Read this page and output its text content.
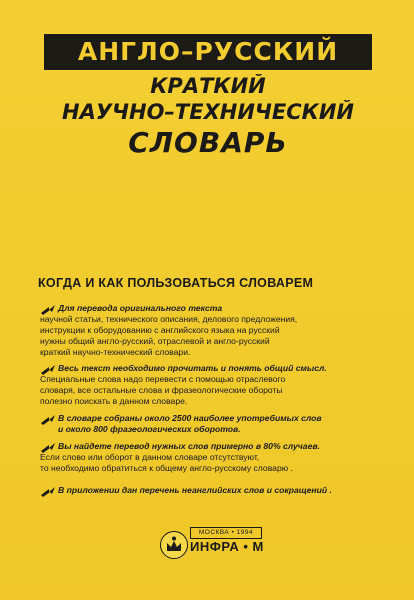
АНГЛО–РУССКИЙ
КРАТКИЙ
НАУЧНО–ТЕХНИЧЕСКИЙ
СЛОВАРЬ
КОГДА И КАК ПОЛЬЗОВАТЬСЯ СЛОВАРЕМ
Для перевода оригинального текста
научной статьи, технического описания, делового предложения,
инструкции к оборудованию с английского языка на русский
нужны общий англо-русский, отраслевой и англо-русский
краткий научно-технический словари.
Весь текст необходимо прочитать и понять общий смысл.
Специальные слова надо перевести с помощью отраслевого
словаря, все остальные слова и фразеологические обороты
полезно поискать в данном словаре.
В словаре собраны около 2500 наиболее употребимых слов
и около 800 фразеологических оборотов.
Вы найдете перевод нужных слов примерно в 80% случаев.
Если слово или оборот в данном словаре отсутствуют,
то необходимо обратиться к общему англо-русскому словарю .
В приложении дан перечень неанглийских слов и сокращений .
МОСКВА • 1994
ИНФРА • М
